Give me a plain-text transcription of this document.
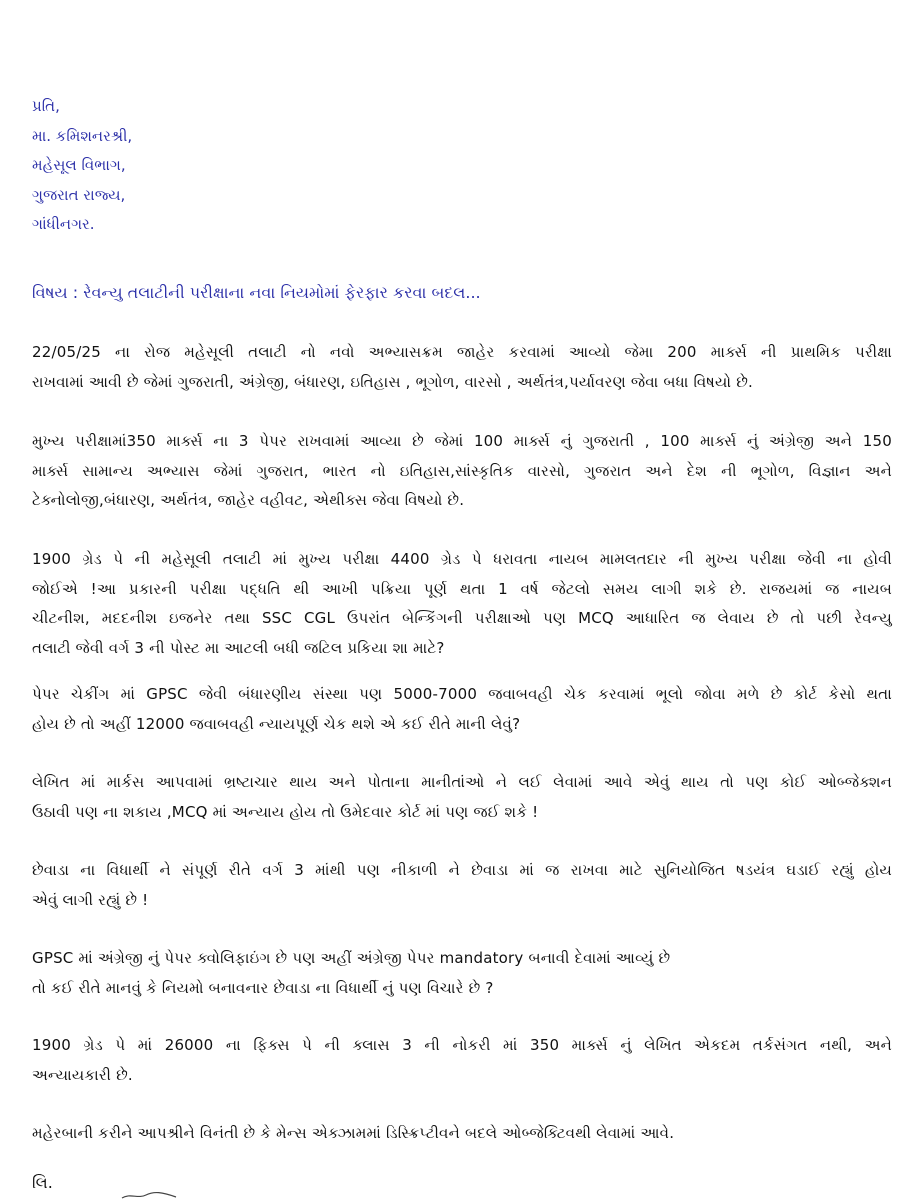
પ્રતિ,
મા. કમિશનરશ્રી,
મહેસૂલ વિભાગ,
ગુજરાત રાજ્ય,
ગાંધીનગર.
વિષય : રેવન્યુ તલાટીની પરીક્ષાના નવા નિયમોમાં ફેરફાર કરવા બદલ...
22/05/25 ના રોજ મહેસૂલી તલાટી નો નવો અભ્યાસક્રમ જાહેર કરવામાં આવ્યો જેમા 200 માર્ક્સ ની પ્રાથમિક પરીક્ષા
રાખવામાં આવી છે જેમાં ગુજરાતી, અંગ્રેજી, બંધારણ, ઇતિહાસ , ભૂગોળ, વારસો , અર્થતંત્ર,પર્યાવરણ જેવા બધા વિષયો છે.
મુખ્ય પરીક્ષામાં350 માર્ક્સ ના 3 પેપર રાખવામાં આવ્યા છે જેમાં 100 માર્ક્સ નું ગુજરાતી , 100 માર્ક્સ નું અંગ્રેજી અને 150
માર્ક્સ સામાન્ય અભ્યાસ જેમાં ગુજરાત, ભારત નો ઇતિહાસ,સાંસ્કૃતિક વારસો, ગુજરાત અને દેશ ની ભૂગોળ, વિજ્ઞાન અને
ટેક્નોલોજી,બંધારણ, અર્થતંત્ર, જાહેર વહીવટ, એથીક્સ જેવા વિષયો છે.
1900 ગ્રેડ પે ની મહેસૂલી તલાટી માં મુખ્ય પરીક્ષા 4400 ગ્રેડ પે ધરાવતા નાયબ મામલતદાર ની મુખ્ય પરીક્ષા જેવી ના હોવી
જોઈએ !આ પ્રકારની પરીક્ષા પદ્ધતિ થી આખી પક્રિયા પૂર્ણ થતા 1 વર્ષ જેટલો સમય લાગી શકે છે. રાજયમાં જ નાયબ
ચીટનીશ, મદદનીશ ઇજનેર તથા SSC CGL ઉપરાંત બેન્કિંગની પરીક્ષાઓ પણ MCQ આધારિત જ લેવાય છે તો પછી રેવન્યુ
તલાટી જેવી વર્ગ 3 ની પોસ્ટ મા આટલી બધી જટિલ પ્રકિયા શા માટે?
પેપર ચેકીંગ માં GPSC જેવી બંધારણીય સંસ્થા પણ 5000-7000 જવાબવહી ચેક કરવામાં ભૂલો જોવા મળે છે કોર્ટ કેસો થતા
હોય છે તો અહીં 12000 જવાબવહી ન્યાયપૂર્ણ ચેક થશે એ કઈ રીતે માની લેવું?
લેખિત માં માર્કસ આપવામાં ભ્રષ્ટાચાર થાય અને પોતાના માનીતાંઓ ને લઈ લેવામાં આવે એવું થાય તો પણ કોઈ ઓબ્જેક્શન
ઉઠાવી પણ ના શકાય ,MCQ માં અન્યાય હોય તો ઉમેદવાર કોર્ટ માં પણ જઈ શકે !
છેવાડા ના વિધાર્થી ને સંપૂર્ણ રીતે વર્ગ 3 માંથી પણ નીકાળી ને છેવાડા માં જ રાખવા માટે સુનિયોજિત ષડયંત્ર ઘડાઈ રહ્યું હોય
એવું લાગી રહ્યું છે !
GPSC માં અંગ્રેજી નું પેપર ક્વોલિફાઇંગ છે પણ અહીં અંગ્રેજી પેપર mandatory બનાવી દેવામાં આવ્યું છે
તો કઈ રીતે માનવું કે નિયમો બનાવનાર છેવાડા ના વિધાર્થી નું પણ વિચારે છે ?
1900 ગ્રેડ પે માં 26000 ના ફિક્સ પે ની ક્લાસ 3 ની નોકરી માં 350 માર્ક્સ નું લેખિત એકદમ તર્કસંગત નથી, અને
અન્યાયકારી છે.
મહેરબાની કરીને આપશ્રીને વિનંતી છે કે મેન્સ એક્ઝામમાં ડિસ્ક્રિપ્ટીવને બદલે ઓબ્જેક્ટિવથી લેવામાં આવે.
લિ.
